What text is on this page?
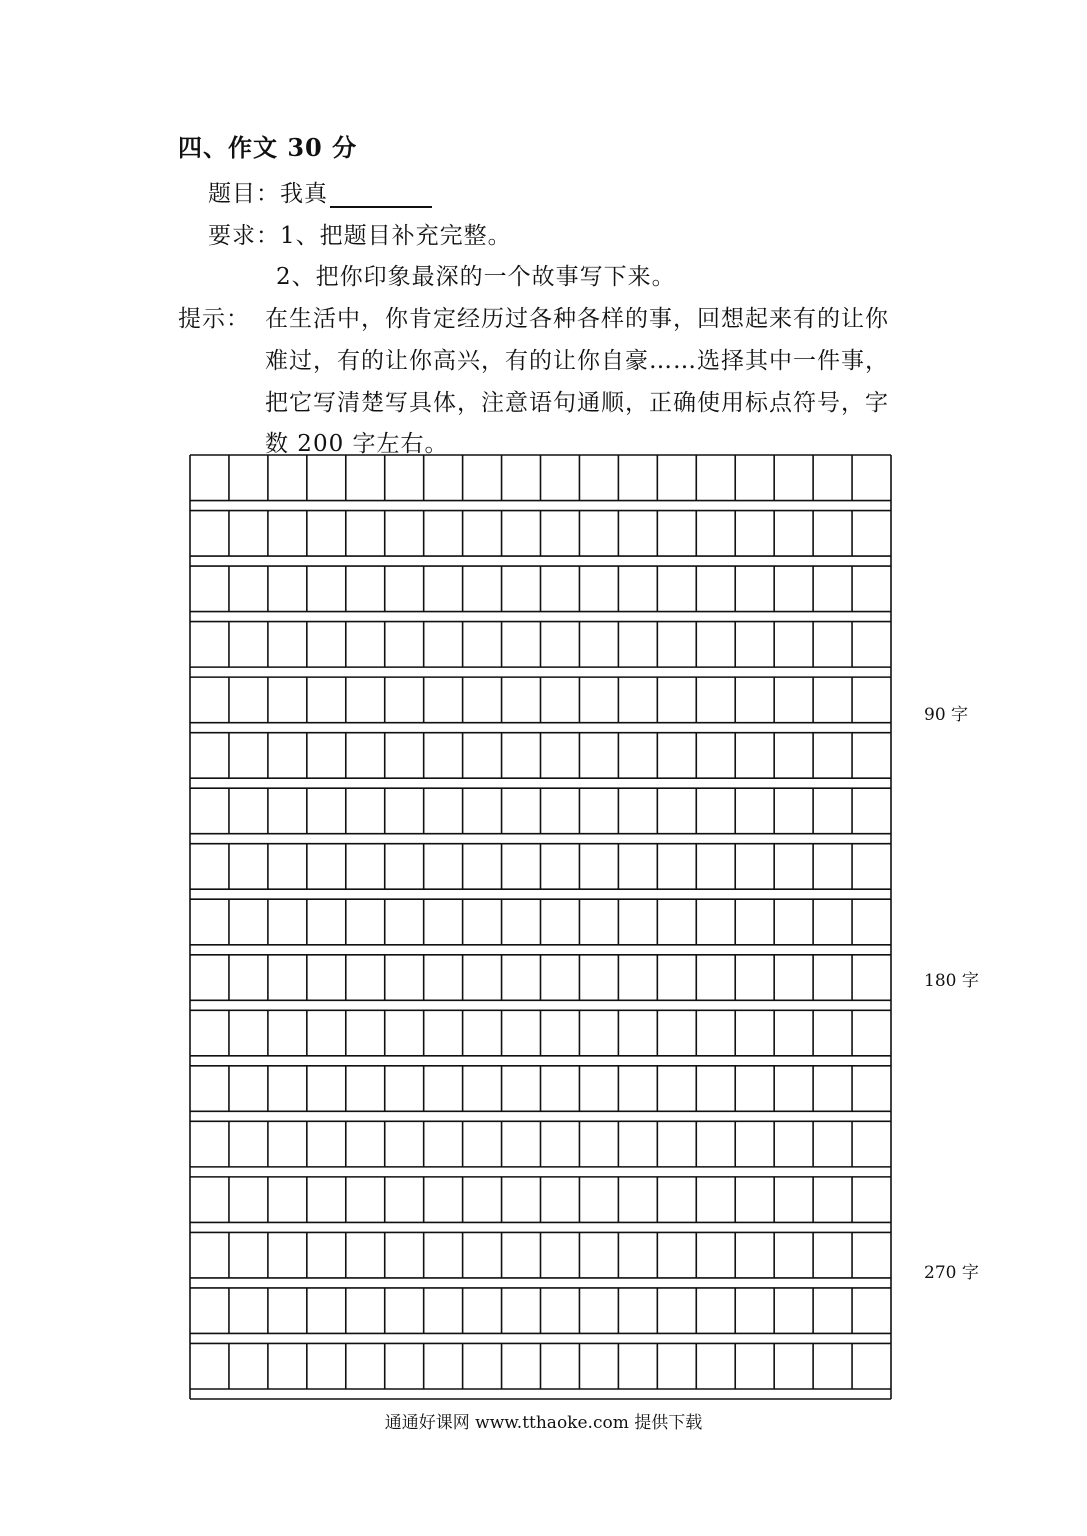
四、作文 30 分
题目：我真
要求：1、把题目补充完整。
2、把你印象最深的一个故事写下来。
提示： 在生活中，你肯定经历过各种各样的事，回想起来有的让你
难过，有的让你高兴，有的让你自豪……选择其中一件事，
把它写清楚写具体，注意语句通顺，正确使用标点符号，字
数 200 字左右。
90 字
180 字
270 字
通通好课网 www.tthaoke.com 提供下载
